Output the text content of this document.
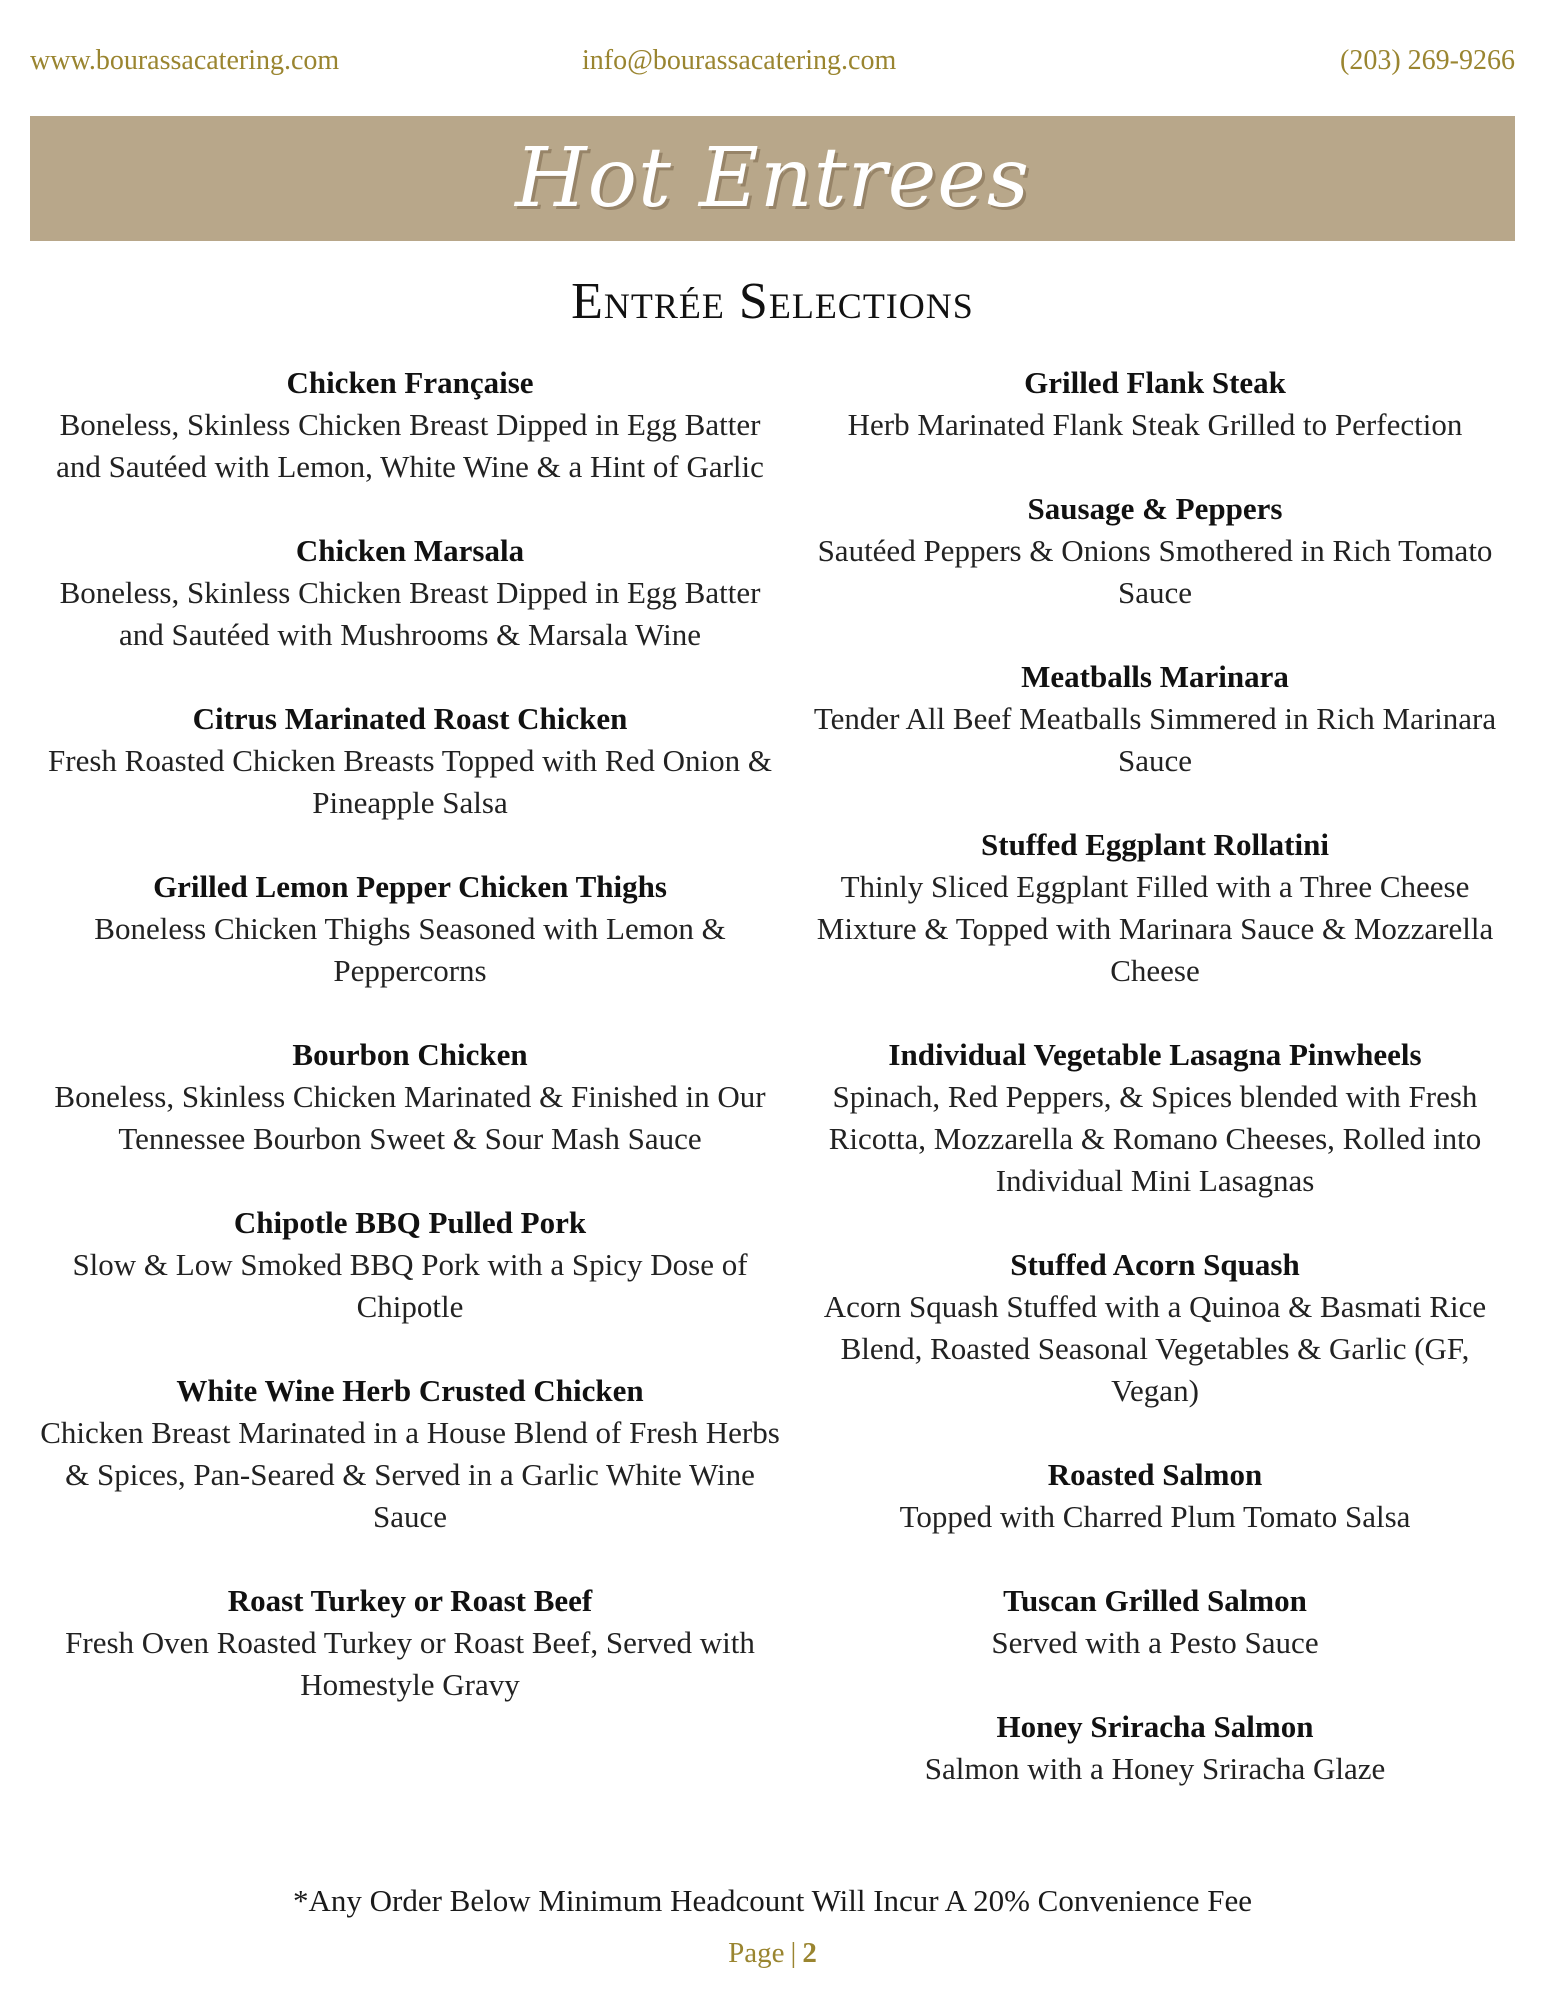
www.bourassacatering.com	info@bourassacatering.com	(203) 269-9266
Hot Entrees
Entrée Selections
Chicken Française
Boneless, Skinless Chicken Breast Dipped in Egg Batter and Sautéed with Lemon, White Wine & a Hint of Garlic
Chicken Marsala
Boneless, Skinless Chicken Breast Dipped in Egg Batter and Sautéed with Mushrooms & Marsala Wine
Citrus Marinated Roast Chicken
Fresh Roasted Chicken Breasts Topped with Red Onion & Pineapple Salsa
Grilled Lemon Pepper Chicken Thighs
Boneless Chicken Thighs Seasoned with Lemon & Peppercorns
Bourbon Chicken
Boneless, Skinless Chicken Marinated & Finished in Our Tennessee Bourbon Sweet & Sour Mash Sauce
Chipotle BBQ Pulled Pork
Slow & Low Smoked BBQ Pork with a Spicy Dose of Chipotle
White Wine Herb Crusted Chicken
Chicken Breast Marinated in a House Blend of Fresh Herbs & Spices, Pan-Seared & Served in a Garlic White Wine Sauce
Roast Turkey or Roast Beef
Fresh Oven Roasted Turkey or Roast Beef, Served with Homestyle Gravy
Grilled Flank Steak
Herb Marinated Flank Steak Grilled to Perfection
Sausage & Peppers
Sautéed Peppers & Onions Smothered in Rich Tomato Sauce
Meatballs Marinara
Tender All Beef Meatballs Simmered in Rich Marinara Sauce
Stuffed Eggplant Rollatini
Thinly Sliced Eggplant Filled with a Three Cheese Mixture & Topped with Marinara Sauce & Mozzarella Cheese
Individual Vegetable Lasagna Pinwheels
Spinach, Red Peppers, & Spices blended with Fresh Ricotta, Mozzarella & Romano Cheeses, Rolled into Individual Mini Lasagnas
Stuffed Acorn Squash
Acorn Squash Stuffed with a Quinoa & Basmati Rice Blend, Roasted Seasonal Vegetables & Garlic (GF, Vegan)
Roasted Salmon
Topped with Charred Plum Tomato Salsa
Tuscan Grilled Salmon
Served with a Pesto Sauce
Honey Sriracha Salmon
Salmon with a Honey Sriracha Glaze
*Any Order Below Minimum Headcount Will Incur A 20% Convenience Fee
Page | 2
